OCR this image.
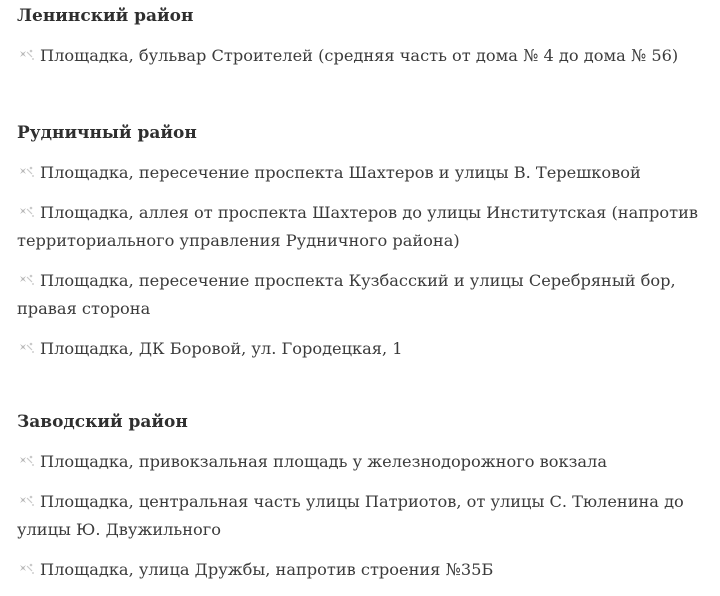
Ленинский район
Площадка, бульвар Строителей (средняя часть от дома № 4 до дома № 56)
Рудничный район
Площадка, пересечение проспекта Шахтеров и улицы В. Терешковой
Площадка, аллея от проспекта Шахтеров до улицы Институтская (напротив территориального управления Рудничного района)
Площадка, пересечение проспекта Кузбасский и улицы Серебряный бор, правая сторона
Площадка, ДК Боровой, ул. Городецкая, 1
Заводский район
Площадка, привокзальная площадь у железнодорожного вокзала
Площадка, центральная часть улицы Патриотов, от улицы С. Тюленина до улицы Ю. Двужильного
Площадка, улица Дружбы, напротив строения №35Б
